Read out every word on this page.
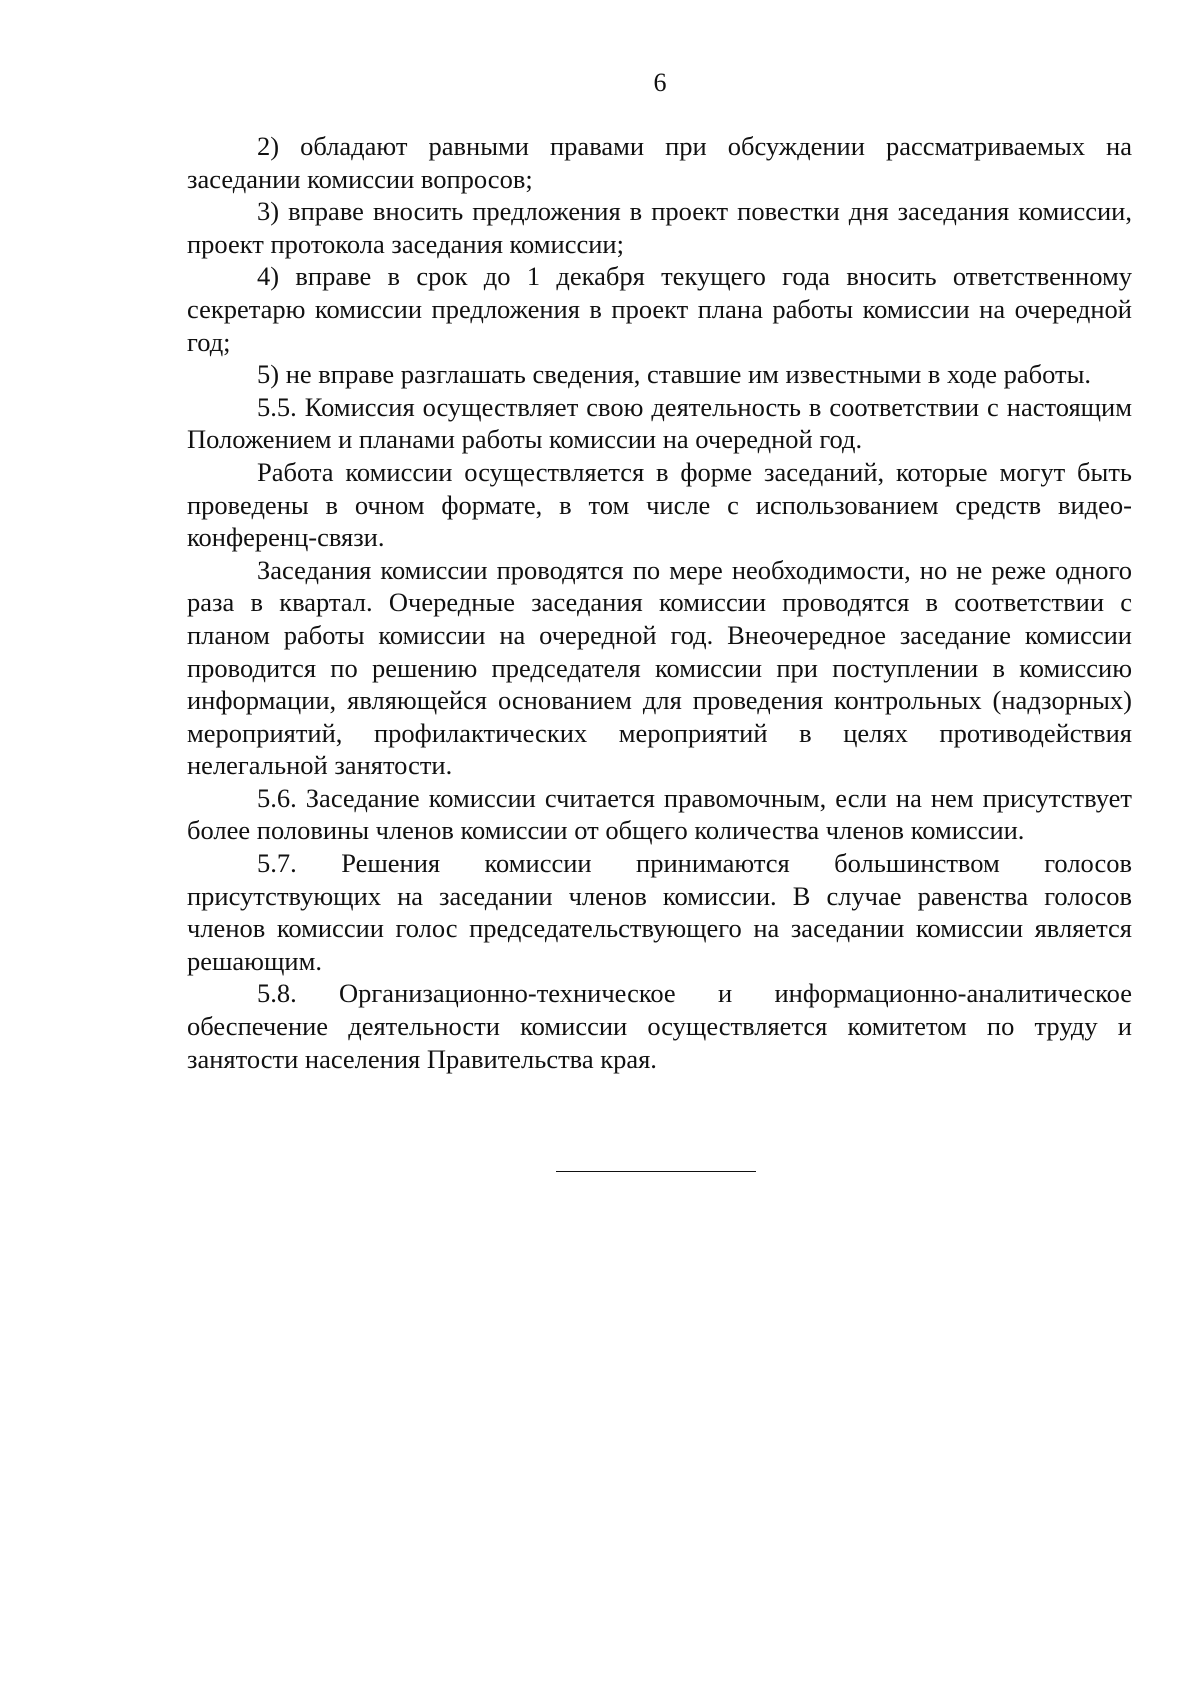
6

2) обладают равными правами при обсуждении рассматриваемых на заседании комиссии вопросов;

3) вправе вносить предложения в проект повестки дня заседания комиссии, проект протокола заседания комиссии;

4) вправе в срок до 1 декабря текущего года вносить ответственному секретарю комиссии предложения в проект плана работы комиссии на очередной год;

5) не вправе разглашать сведения, ставшие им известными в ходе работы.

5.5. Комиссия осуществляет свою деятельность в соответствии с настоящим Положением и планами работы комиссии на очередной год.

Работа комиссии осуществляется в форме заседаний, которые могут быть проведены в очном формате, в том числе с использованием средств видео-конференц-связи.

Заседания комиссии проводятся по мере необходимости, но не реже одного раза в квартал. Очередные заседания комиссии проводятся в соответствии с планом работы комиссии на очередной год. Внеочередное заседание комиссии проводится по решению председателя комиссии при поступлении в комиссию информации, являющейся основанием для проведения контрольных (надзорных) мероприятий, профилактических мероприятий в целях противодействия нелегальной занятости.

5.6. Заседание комиссии считается правомочным, если на нем присутствует более половины членов комиссии от общего количества членов комиссии.

5.7. Решения комиссии принимаются большинством голосов присутствующих на заседании членов комиссии. В случае равенства голосов членов комиссии голос председательствующего на заседании комиссии является решающим.

5.8. Организационно-техническое и информационно-аналитическое обеспечение деятельности комиссии осуществляется комитетом по труду и занятости населения Правительства края.
